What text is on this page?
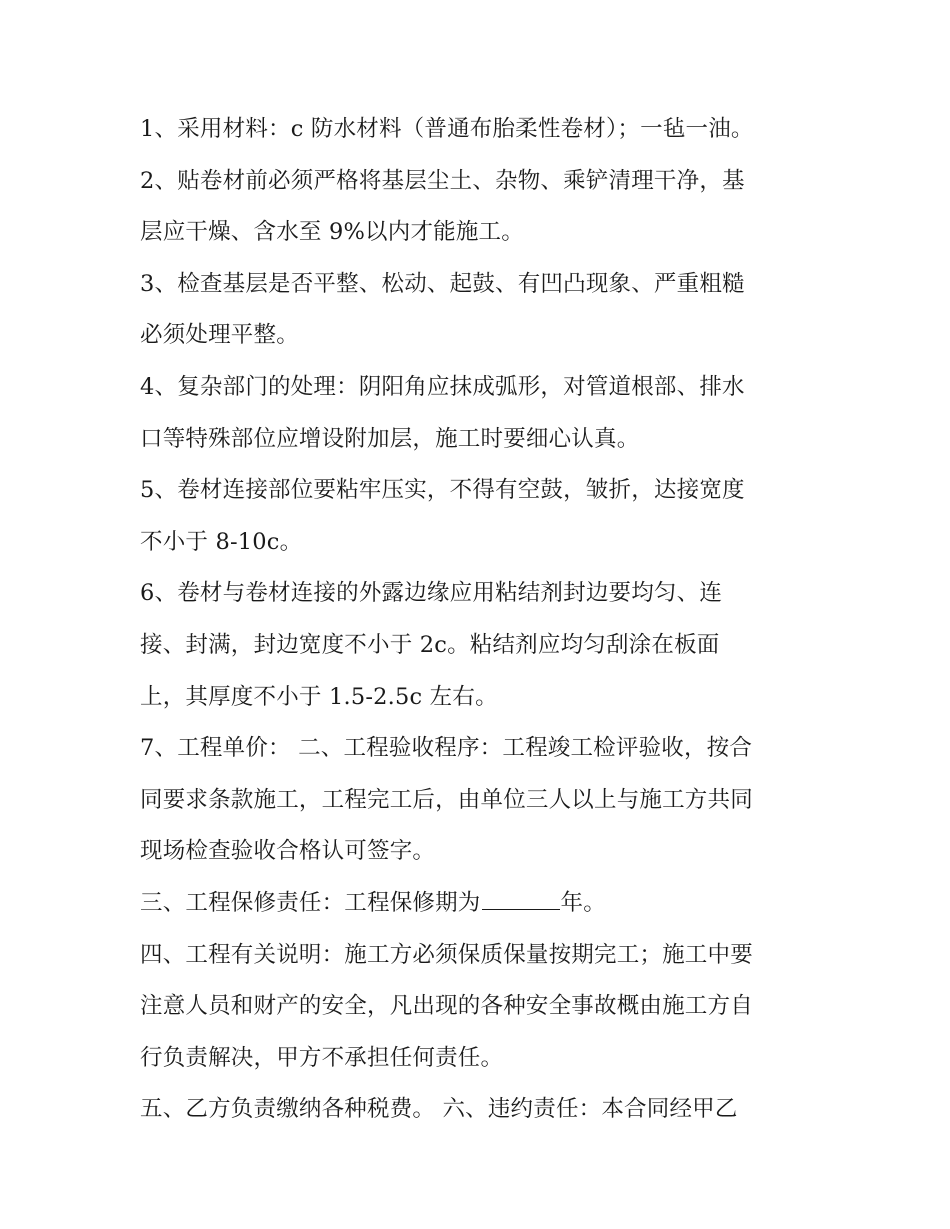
1、采用材料：c 防水材料（普通布胎柔性卷材）；一毡一油。
2、贴卷材前必须严格将基层尘土、杂物、乘铲清理干净，基
层应干燥、含水至 9%以内才能施工。
3、检查基层是否平整、松动、起鼓、有凹凸现象、严重粗糙
必须处理平整。
4、复杂部门的处理：阴阳角应抹成弧形，对管道根部、排水
口等特殊部位应增设附加层，施工时要细心认真。
5、卷材连接部位要粘牢压实，不得有空鼓，皱折，达接宽度
不小于 8-10c。
6、卷材与卷材连接的外露边缘应用粘结剂封边要均匀、连
接、封满，封边宽度不小于 2c。粘结剂应均匀刮涂在板面
上，其厚度不小于 1.5-2.5c 左右。
7、工程单价： 二、工程验收程序：工程竣工检评验收，按合
同要求条款施工，工程完工后，由单位三人以上与施工方共同
现场检查验收合格认可签字。
三、工程保修责任：工程保修期为	年。
四、工程有关说明：施工方必须保质保量按期完工；施工中要
注意人员和财产的安全，凡出现的各种安全事故概由施工方自
行负责解决，甲方不承担任何责任。
五、乙方负责缴纳各种税费。 六、违约责任：本合同经甲乙
